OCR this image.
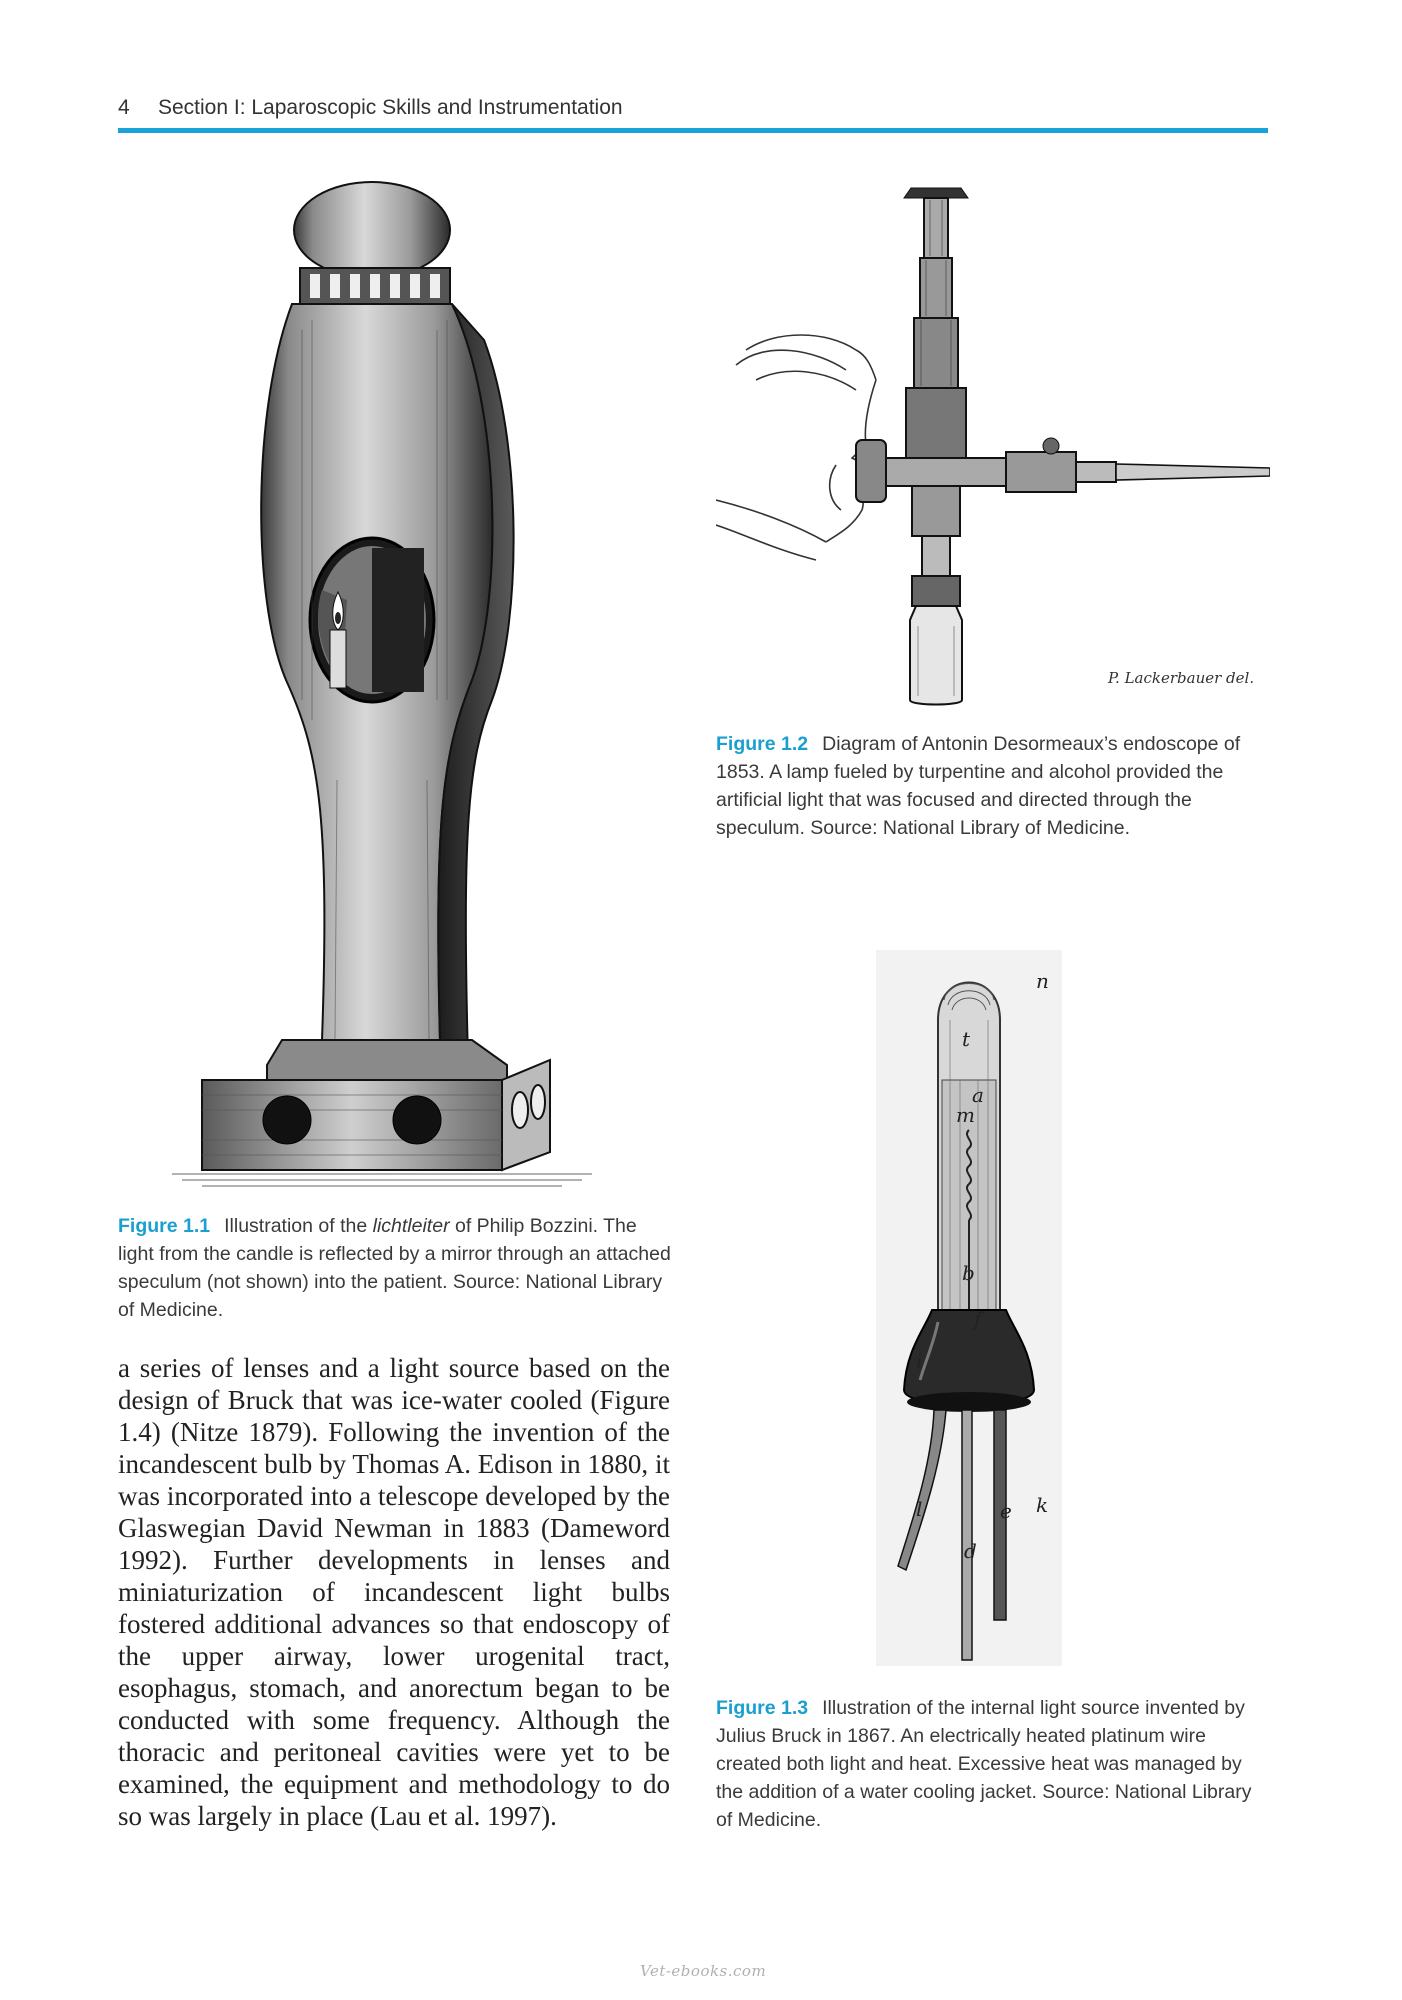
4 Section I: Laparoscopic Skills and Instrumentation
Figure 1.1 Illustration of the lichtleiter of Philip Bozzini. The light from the candle is reflected by a mirror through an attached speculum (not shown) into the patient. Source: National Library of Medicine.
P. Lackerbauer del.
Figure 1.2 Diagram of Antonin Desormeaux’s endoscope of 1853. A lamp fueled by turpentine and alcohol provided the artificial light that was focused and directed through the speculum. Source: National Library of Medicine.
n
t
a
m
b
f
i
l	e k
d
Figure 1.3 Illustration of the internal light source invented by Julius Bruck in 1867. An electrically heated platinum wire created both light and heat. Excessive heat was managed by the addition of a water cooling jacket. Source: National Library of Medicine.
a series of lenses and a light source based on the design of Bruck that was ice-water cooled (Figure 1.4) (Nitze 1879). Following the invention of the incandescent bulb by Thomas A. Edison in 1880, it was incorporated into a telescope developed by the Glaswegian David Newman in 1883 (Dameword 1992). Further developments in lenses and miniaturization of incandescent light bulbs fostered additional advances so that endoscopy of the upper airway, lower urogenital tract, esophagus, stomach, and anorectum began to be conducted with some frequency. Although the thoracic and peritoneal cavities were yet to be examined, the equipment and methodology to do so was largely in place (Lau et al. 1997).
Vet-ebooks.com
